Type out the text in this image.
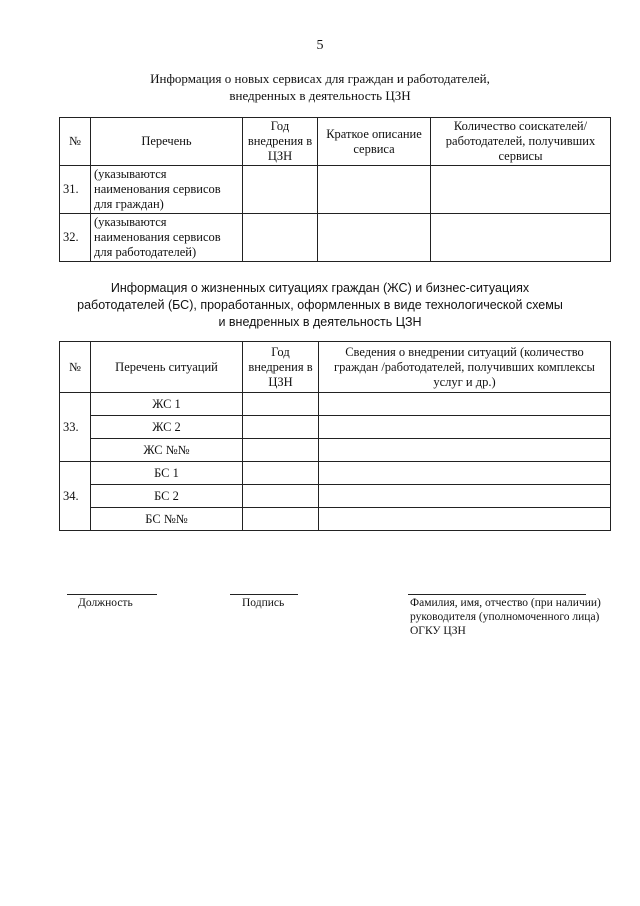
5
Информация о новых сервисах для граждан и работодателей,
внедренных в деятельность ЦЗН
№	Перечень	Год внедрения в ЦЗН	Краткое описание сервиса	Количество соискателей/работодателей, получивших сервисы
31.	(указываются наименования сервисов для граждан)			
32.	(указываются наименования сервисов для работодателей)			
Информация о жизненных ситуациях граждан (ЖС) и бизнес-ситуациях
работодателей (БС), проработанных, оформленных в виде технологической схемы
и внедренных в деятельность ЦЗН
№	Перечень ситуаций	Год внедрения в ЦЗН	Сведения о внедрении ситуаций (количество граждан /работодателей, получивших комплексы услуг и др.)
33.	ЖС 1		
	ЖС 2		
	ЖС №№		
34.	БС 1		
	БС 2		
	БС №№		
Должность	Подпись	Фамилия, имя, отчество (при наличии)
руководителя (уполномоченного лица)
ОГКУ ЦЗН
